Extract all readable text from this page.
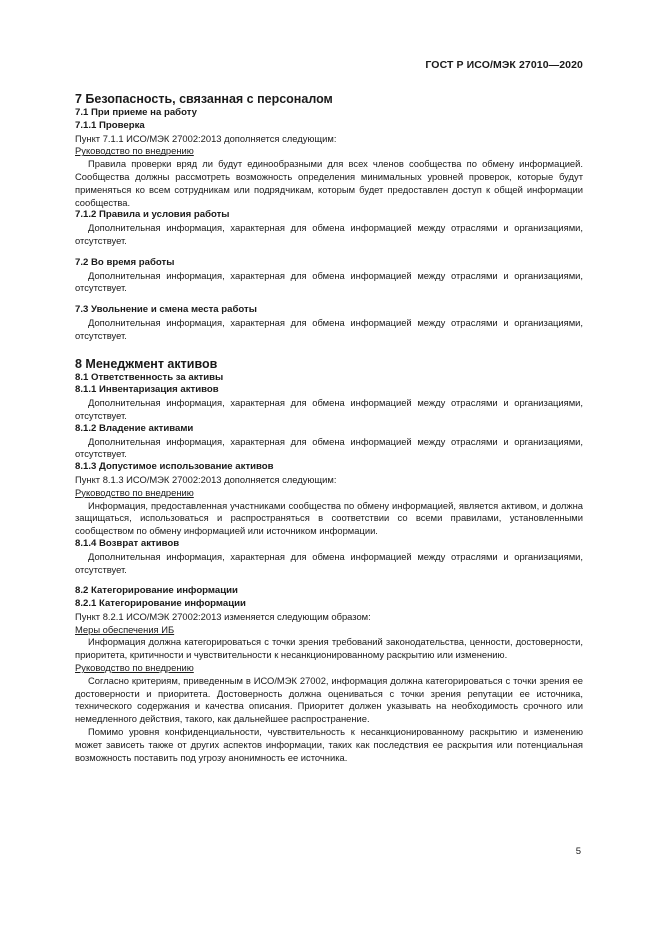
ГОСТ Р ИСО/МЭК 27010—2020

7 Безопасность, связанная с персоналом

7.1 При приеме на работу

7.1.1 Проверка

Пункт 7.1.1 ИСО/МЭК 27002:2013 дополняется следующим:

Руководство по внедрению

Правила проверки вряд ли будут единообразными для всех членов сообщества по обмену информацией. Сообщества должны рассмотреть возможность определения минимальных уровней проверок, которые будут применяться ко всем сотрудникам или подрядчикам, которым будет предоставлен доступ к общей информации сообщества.

7.1.2 Правила и условия работы

Дополнительная информация, характерная для обмена информацией между отраслями и организациями, отсутствует.

7.2 Во время работы

Дополнительная информация, характерная для обмена информацией между отраслями и организациями, отсутствует.

7.3 Увольнение и смена места работы

Дополнительная информация, характерная для обмена информацией между отраслями и организациями, отсутствует.

8 Менеджмент активов

8.1 Ответственность за активы

8.1.1 Инвентаризация активов

Дополнительная информация, характерная для обмена информацией между отраслями и организациями, отсутствует.

8.1.2 Владение активами

Дополнительная информация, характерная для обмена информацией между отраслями и организациями, отсутствует.

8.1.3 Допустимое использование активов

Пункт 8.1.3 ИСО/МЭК 27002:2013 дополняется следующим:

Руководство по внедрению

Информация, предоставленная участниками сообщества по обмену информацией, является активом, и должна защищаться, использоваться и распространяться в соответствии со всеми правилами, установленными сообществом по обмену информацией или источником информации.

8.1.4 Возврат активов

Дополнительная информация, характерная для обмена информацией между отраслями и организациями, отсутствует.

8.2 Категорирование информации

8.2.1 Категорирование информации

Пункт 8.2.1 ИСО/МЭК 27002:2013 изменяется следующим образом:

Меры обеспечения ИБ

Информация должна категорироваться с точки зрения требований законодательства, ценности, достоверности, приоритета, критичности и чувствительности к несанкционированному раскрытию или изменению.

Руководство по внедрению

Согласно критериям, приведенным в ИСО/МЭК 27002, информация должна категорироваться с точки зрения ее достоверности и приоритета. Достоверность должна оцениваться с точки зрения репутации ее источника, технического содержания и качества описания. Приоритет должен указывать на необходимость срочного или немедленного действия, такого, как дальнейшее распространение.

Помимо уровня конфиденциальности, чувствительность к несанкционированному раскрытию и изменению может зависеть также от других аспектов информации, таких как последствия ее раскрытия или потенциальная возможность поставить под угрозу анонимность ее источника.

5
